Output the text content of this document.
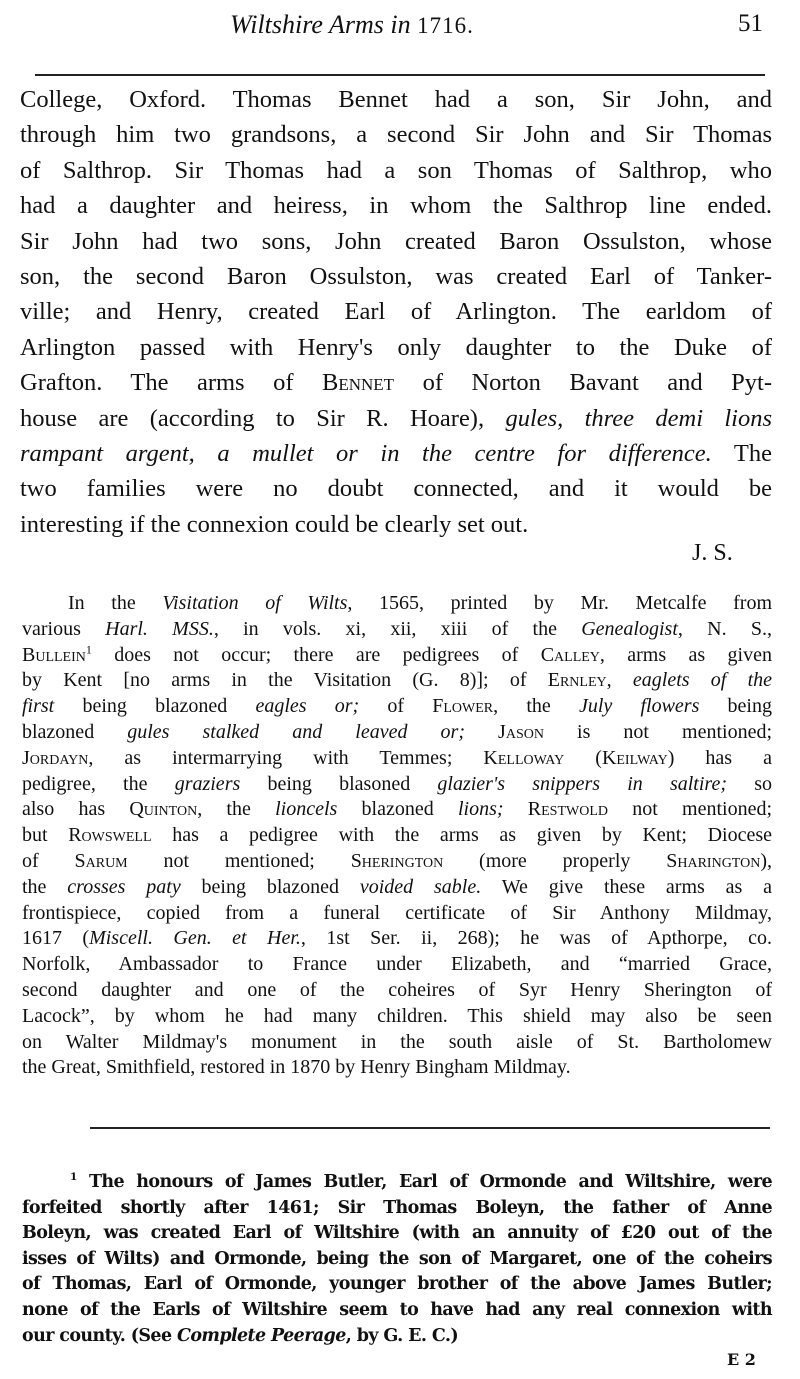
Wiltshire Arms in 1716.	51
College, Oxford. Thomas Bennet had a son, Sir John, and
through him two grandsons, a second Sir John and Sir Thomas
of Salthrop. Sir Thomas had a son Thomas of Salthrop, who
had a daughter and heiress, in whom the Salthrop line ended.
Sir John had two sons, John created Baron Ossulston, whose
son, the second Baron Ossulston, was created Earl of Tanker-
ville; and Henry, created Earl of Arlington. The earldom of
Arlington passed with Henry's only daughter to the Duke of
Grafton. The arms of Bennet of Norton Bavant and Pyt-
house are (according to Sir R. Hoare), gules, three demi lions
rampant argent, a mullet or in the centre for difference. The
two families were no doubt connected, and it would be
interesting if the connexion could be clearly set out.
J. S.
In the Visitation of Wilts, 1565, printed by Mr. Metcalfe from
various Harl. MSS., in vols. xi, xii, xiii of the Genealogist, N. S.,
Bullein$^1$ does not occur; there are pedigrees of Calley, arms as given
by Kent [no arms in the Visitation (G. 8)]; of Ernley, eaglets of the
first being blazoned eagles or; of Flower, the July flowers being
blazoned gules stalked and leaved or; Jason is not mentioned;
Jordayn, as intermarrying with Temmes; Kelloway (Keilway) has a
pedigree, the graziers being blasoned glazier's snippers in saltire; so
also has Quinton, the lioncels blazoned lions; Restwold not mentioned;
but Rowswell has a pedigree with the arms as given by Kent; Diocese
of Sarum not mentioned; Sherington (more properly Sharington),
the crosses paty being blazoned voided sable. We give these arms as a
frontispiece, copied from a funeral certificate of Sir Anthony Mildmay,
1617 (Miscell. Gen. et Her., 1st Ser. ii, 268); he was of Apthorpe, co.
Norfolk, Ambassador to France under Elizabeth, and “married Grace,
second daughter and one of the coheires of Syr Henry Sherington of
Lacock”, by whom he had many children. This shield may also be seen
on Walter Mildmay's monument in the south aisle of St. Bartholomew
the Great, Smithfield, restored in 1870 by Henry Bingham Mildmay.
$^1$ The honours of James Butler, Earl of Ormonde and Wiltshire, were
forfeited shortly after 1461; Sir Thomas Boleyn, the father of Anne
Boleyn, was created Earl of Wiltshire (with an annuity of £20 out of the
isses of Wilts) and Ormonde, being the son of Margaret, one of the coheirs
of Thomas, Earl of Ormonde, younger brother of the above James Butler;
none of the Earls of Wiltshire seem to have had any real connexion with
our county. (See Complete Peerage, by G. E. C.)
E 2
